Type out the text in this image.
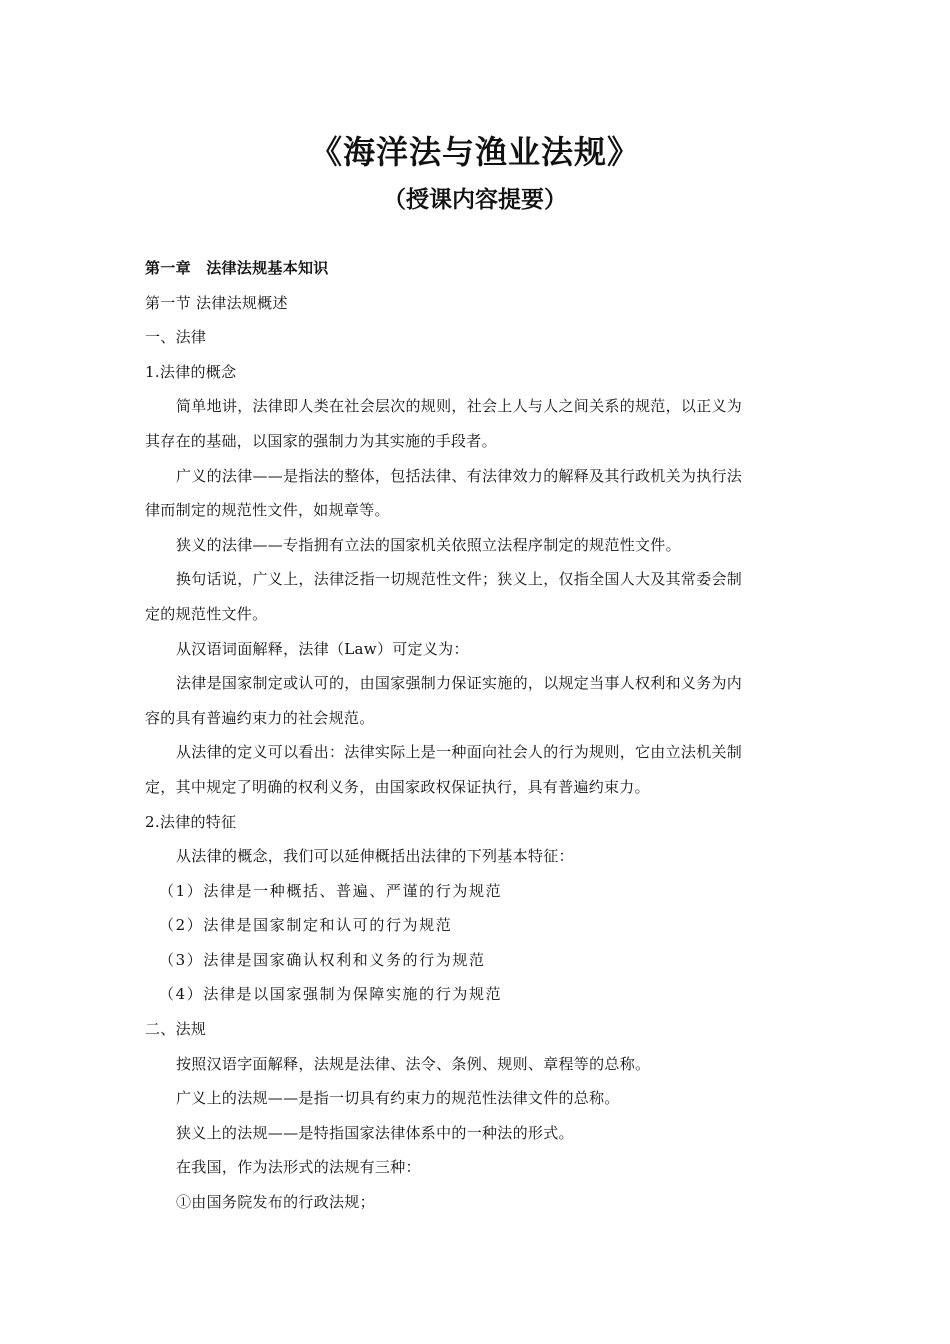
《海洋法与渔业法规》
（授课内容提要）
第一章　法律法规基本知识
第一节 法律法规概述
一、法律
1.法律的概念
简单地讲，法律即人类在社会层次的规则，社会上人与人之间关系的规范，以正义为
其存在的基础，以国家的强制力为其实施的手段者。
广义的法律——是指法的整体，包括法律、有法律效力的解释及其行政机关为执行法
律而制定的规范性文件，如规章等。
狭义的法律——专指拥有立法的国家机关依照立法程序制定的规范性文件。
换句话说，广义上，法律泛指一切规范性文件；狭义上，仅指全国人大及其常委会制
定的规范性文件。
从汉语词面解释，法律（Law）可定义为：
法律是国家制定或认可的，由国家强制力保证实施的，以规定当事人权利和义务为内
容的具有普遍约束力的社会规范。
从法律的定义可以看出：法律实际上是一种面向社会人的行为规则，它由立法机关制
定，其中规定了明确的权利义务，由国家政权保证执行，具有普遍约束力。
2.法律的特征
从法律的概念，我们可以延伸概括出法律的下列基本特征：
（1）法律是一种概括、普遍、严谨的行为规范
（2）法律是国家制定和认可的行为规范
（3）法律是国家确认权利和义务的行为规范
（4）法律是以国家强制为保障实施的行为规范
二、法规
按照汉语字面解释，法规是法律、法令、条例、规则、章程等的总称。
广义上的法规——是指一切具有约束力的规范性法律文件的总称。
狭义上的法规——是特指国家法律体系中的一种法的形式。
在我国，作为法形式的法规有三种：
①由国务院发布的行政法规；
